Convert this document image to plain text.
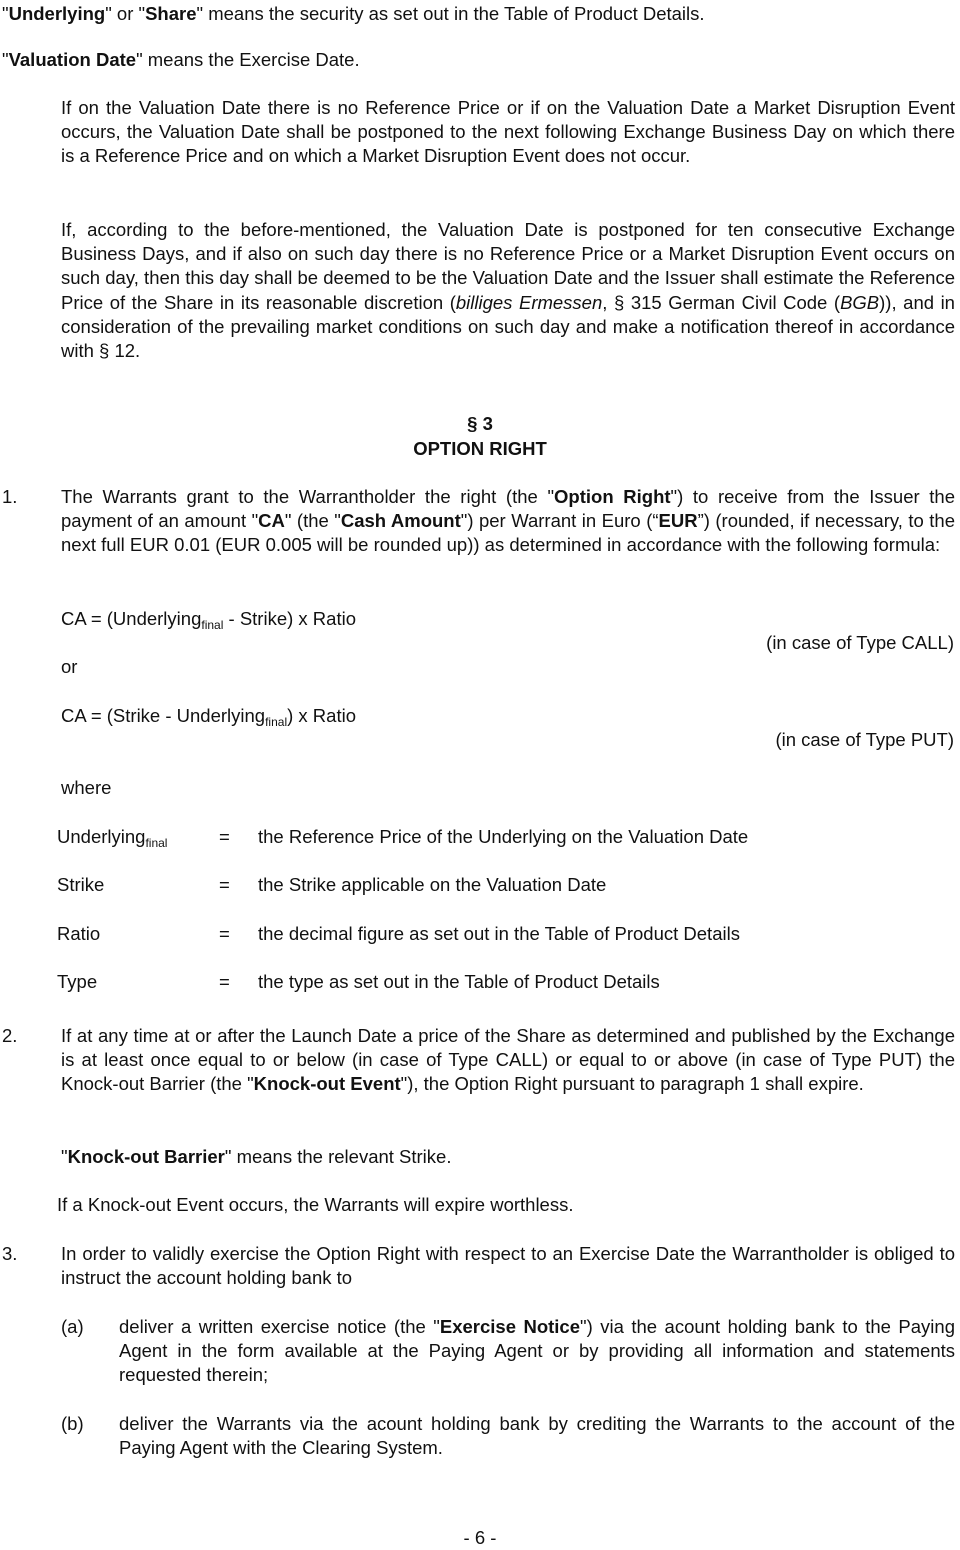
"Underlying" or "Share" means the security as set out in the Table of Product Details.
"Valuation Date" means the Exercise Date.
If on the Valuation Date there is no Reference Price or if on the Valuation Date a Market Disruption Event occurs, the Valuation Date shall be postponed to the next following Exchange Business Day on which there is a Reference Price and on which a Market Disruption Event does not occur.
If, according to the before-mentioned, the Valuation Date is postponed for ten consecutive Exchange Business Days, and if also on such day there is no Reference Price or a Market Disruption Event occurs on such day, then this day shall be deemed to be the Valuation Date and the Issuer shall estimate the Reference Price of the Share in its reasonable discretion (billiges Ermessen, § 315 German Civil Code (BGB)), and in consideration of the prevailing market conditions on such day and make a notification thereof in accordance with § 12.
§ 3
OPTION RIGHT
1. The Warrants grant to the Warrantholder the right (the "Option Right") to receive from the Issuer the payment of an amount "CA" (the "Cash Amount") per Warrant in Euro (“EUR”) (rounded, if necessary, to the next full EUR 0.01 (EUR 0.005 will be rounded up)) as determined in accordance with the following formula:
CA = (Underlying$_{final}$ - Strike) x Ratio
(in case of Type CALL)
or
CA = (Strike - Underlying$_{final}$) x Ratio
(in case of Type PUT)
where
Underlying$_{final}$	= the Reference Price of the Underlying on the Valuation Date
Strike	= the Strike applicable on the Valuation Date
Ratio	= the decimal figure as set out in the Table of Product Details
Type	= the type as set out in the Table of Product Details
2. If at any time at or after the Launch Date a price of the Share as determined and published by the Exchange is at least once equal to or below (in case of Type CALL) or equal to or above (in case of Type PUT) the Knock-out Barrier (the "Knock-out Event"), the Option Right pursuant to paragraph 1 shall expire.
"Knock-out Barrier" means the relevant Strike.
If a Knock-out Event occurs, the Warrants will expire worthless.
3. In order to validly exercise the Option Right with respect to an Exercise Date the Warrantholder is obliged to instruct the account holding bank to
(a) deliver a written exercise notice (the "Exercise Notice") via the acount holding bank to the Paying Agent in the form available at the Paying Agent or by providing all information and statements requested therein;
(b) deliver the Warrants via the acount holding bank by crediting the Warrants to the account of the Paying Agent with the Clearing System.
- 6 -
